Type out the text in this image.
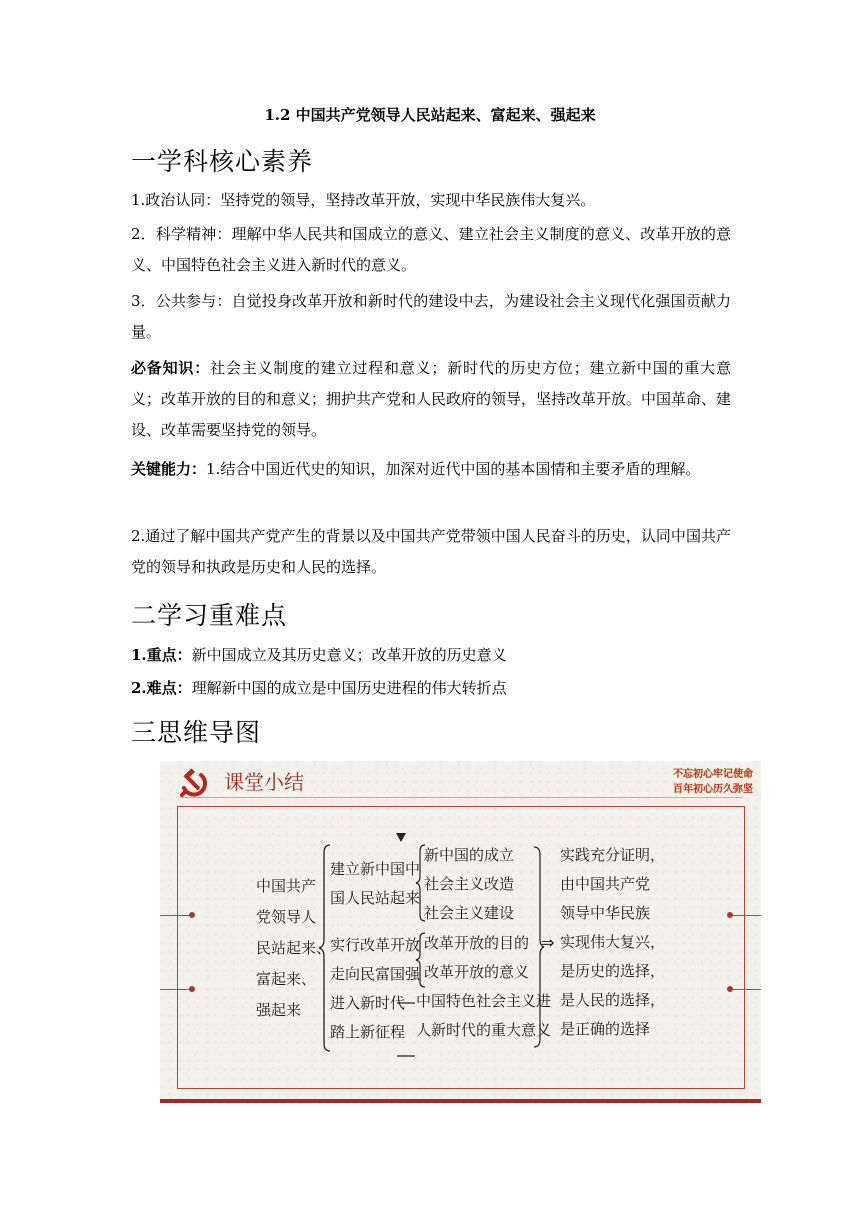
1.2 中国共产党领导人民站起来、富起来、强起来
一学科核心素养
1.政治认同：坚持党的领导，坚持改革开放，实现中华民族伟大复兴。
2．科学精神：理解中华人民共和国成立的意义、建立社会主义制度的意义、改革开放的意义、中国特色社会主义进入新时代的意义。
3．公共参与：自觉投身改革开放和新时代的建设中去，为建设社会主义现代化强国贡献力量。
必备知识：社会主义制度的建立过程和意义；新时代的历史方位；建立新中国的重大意义；改革开放的目的和意义；拥护共产党和人民政府的领导，坚持改革开放。中国革命、建设、改革需要坚持党的领导。
关键能力：1.结合中国近代史的知识，加深对近代中国的基本国情和主要矛盾的理解。
2.通过了解中国共产党产生的背景以及中国共产党带领中国人民奋斗的历史，认同中国共产党的领导和执政是历史和人民的选择。
二学习重难点
1.重点：新中国成立及其历史意义；改革开放的历史意义
2.难点：理解新中国的成立是中国历史进程的伟大转折点
三思维导图
课堂小结	不忘初心牢记使命
百年初心历久弥坚
中国共产
党领导人
民站起来、
富起来、
强起来
建立新中国中
国人民站起来
实行改革开放
走向民富国强
进入新时代
踏上新征程
新中国的成立
社会主义改造
社会主义建设
改革开放的目的
改革开放的意义
中国特色社会主义进
人新时代的重大意义
⇒
实践充分证明，
由中国共产党
领导中华民族
实现伟大复兴，
是历史的选择，
是人民的选择，
是正确的选择
